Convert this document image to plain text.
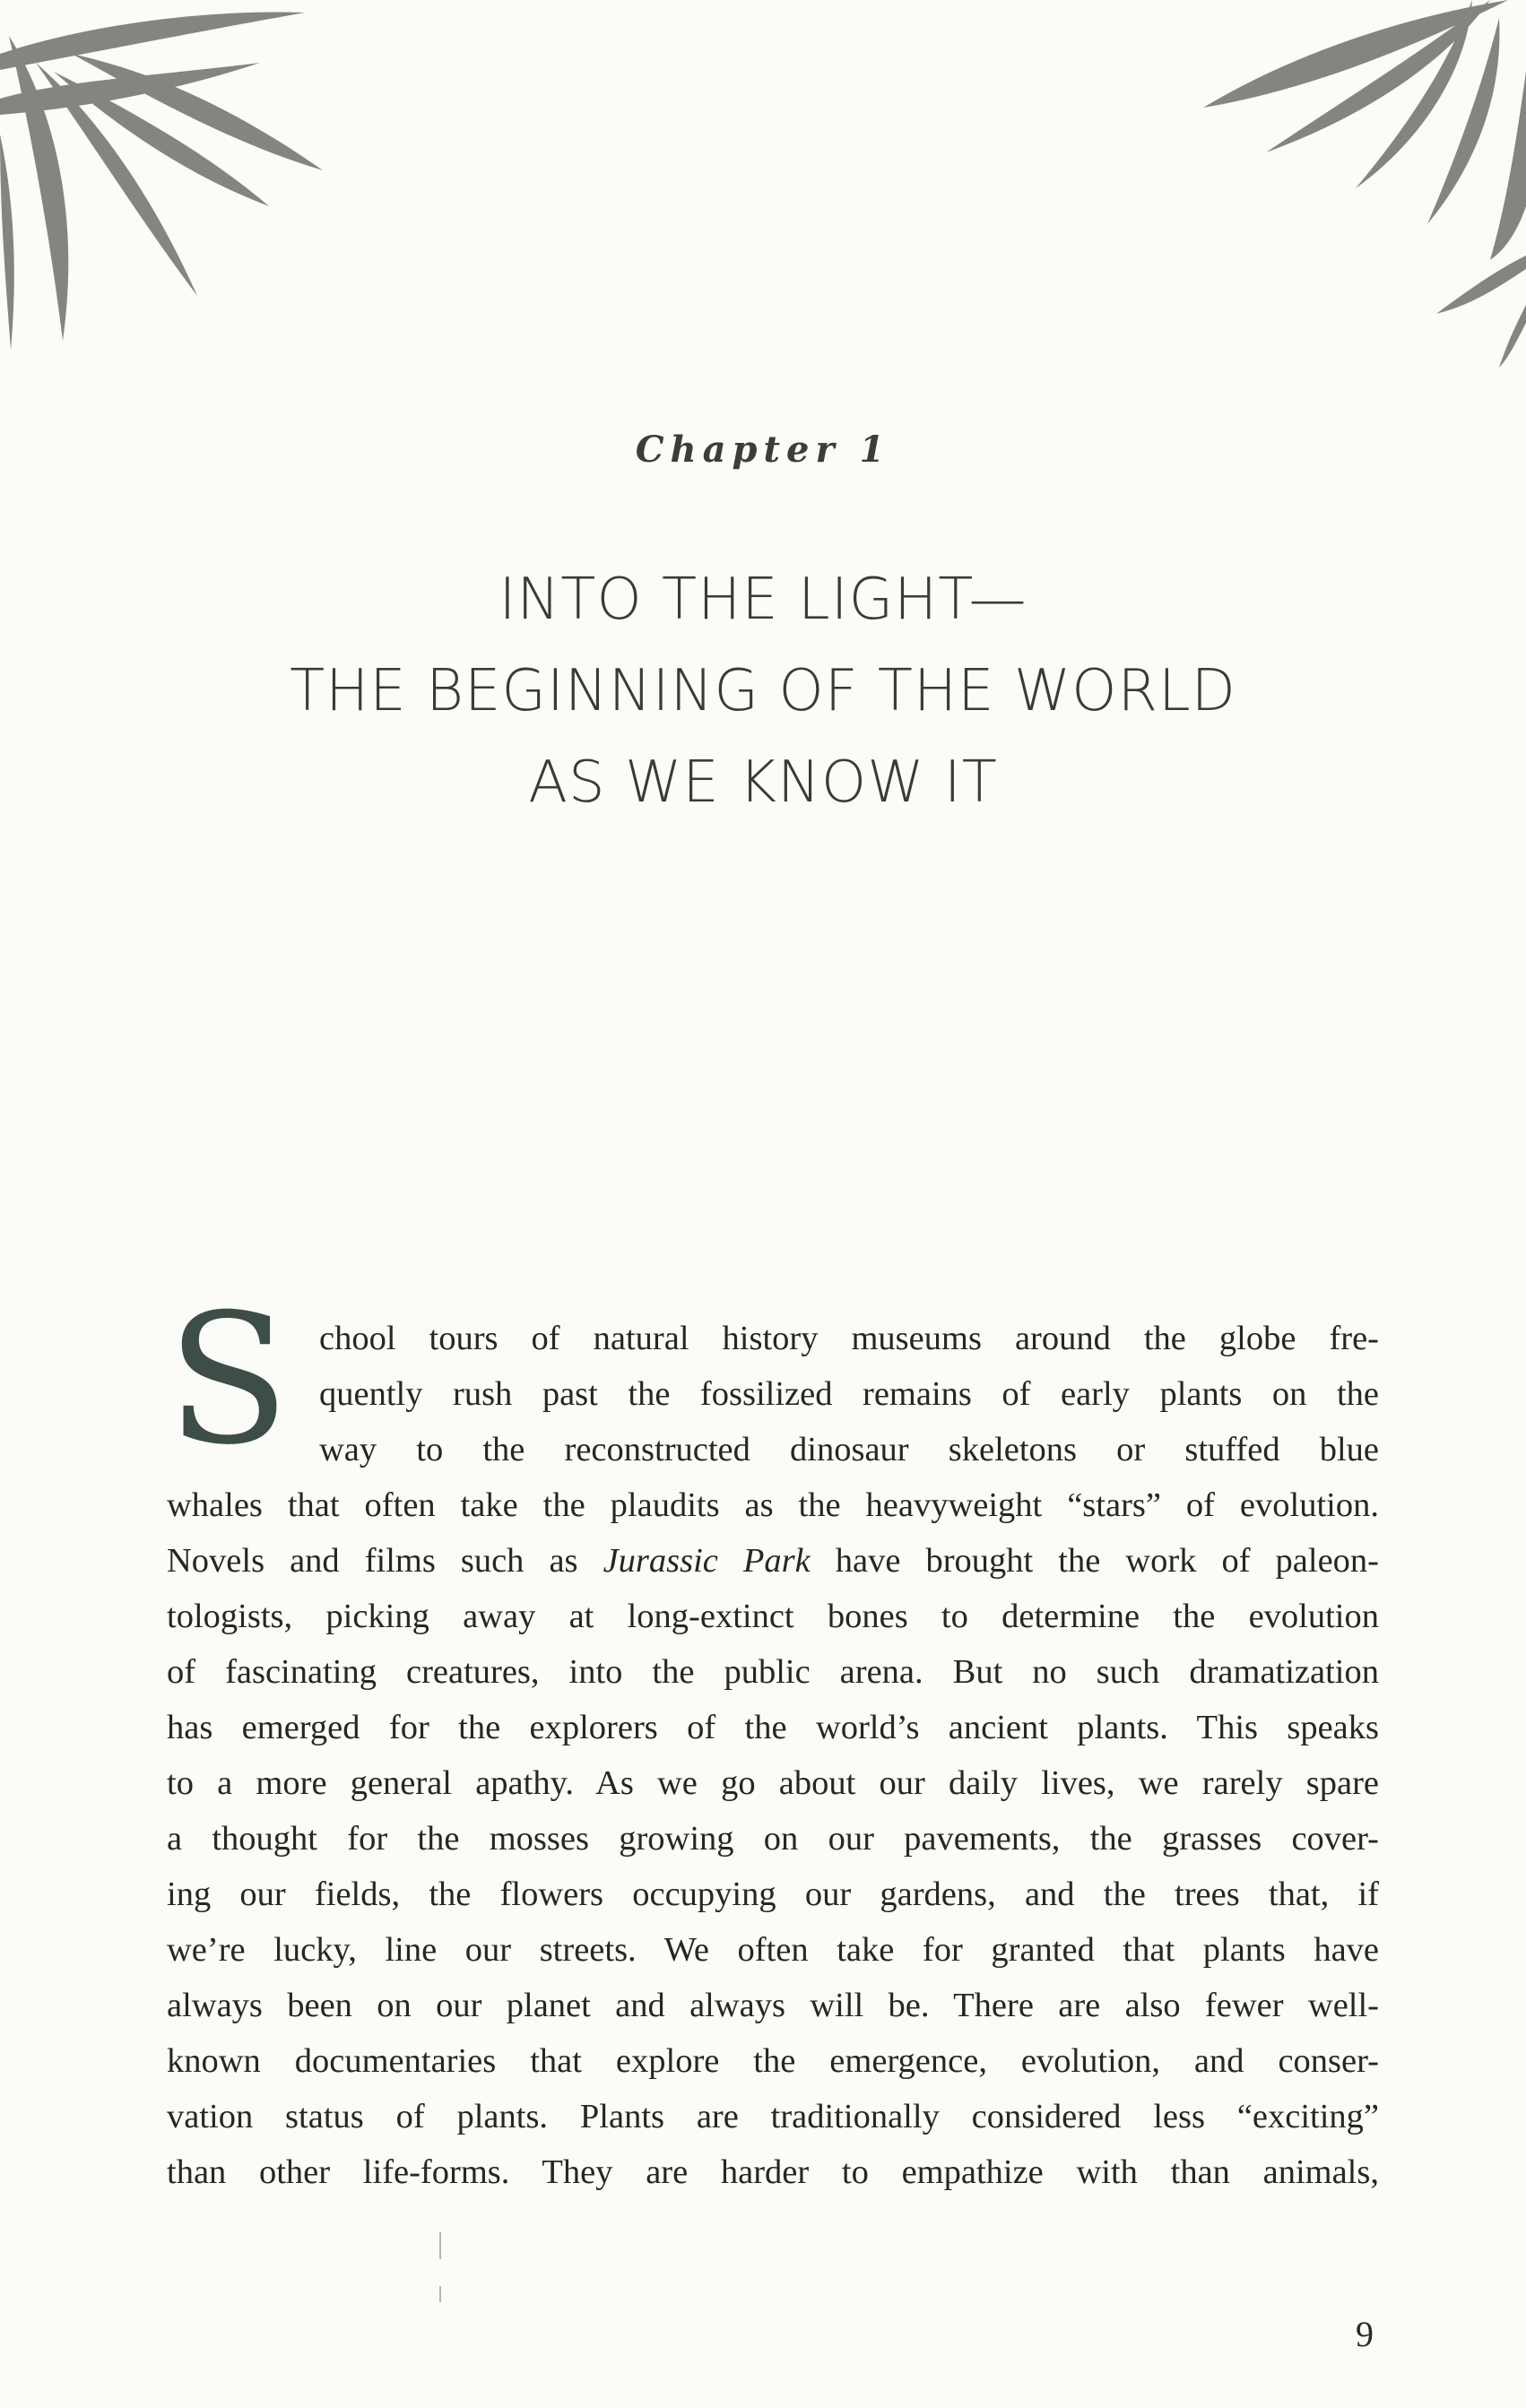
Chapter 1
INTO THE LIGHT—
THE BEGINNING OF THE WORLD
AS WE KNOW IT
S chool tours of natural history museums around the globe fre-
quently rush past the fossilized remains of early plants on the
way to the reconstructed dinosaur skeletons or stuffed blue
whales that often take the plaudits as the heavyweight “stars” of evolution.
Novels and films such as Jurassic Park have brought the work of paleon-
tologists, picking away at long-extinct bones to determine the evolution
of fascinating creatures, into the public arena. But no such dramatization
has emerged for the explorers of the world’s ancient plants. This speaks
to a more general apathy. As we go about our daily lives, we rarely spare
a thought for the mosses growing on our pavements, the grasses cover-
ing our fields, the flowers occupying our gardens, and the trees that, if
we’re lucky, line our streets. We often take for granted that plants have
always been on our planet and always will be. There are also fewer well-
known documentaries that explore the emergence, evolution, and conser-
vation status of plants. Plants are traditionally considered less “exciting”
than other life-forms. They are harder to empathize with than animals,
9
